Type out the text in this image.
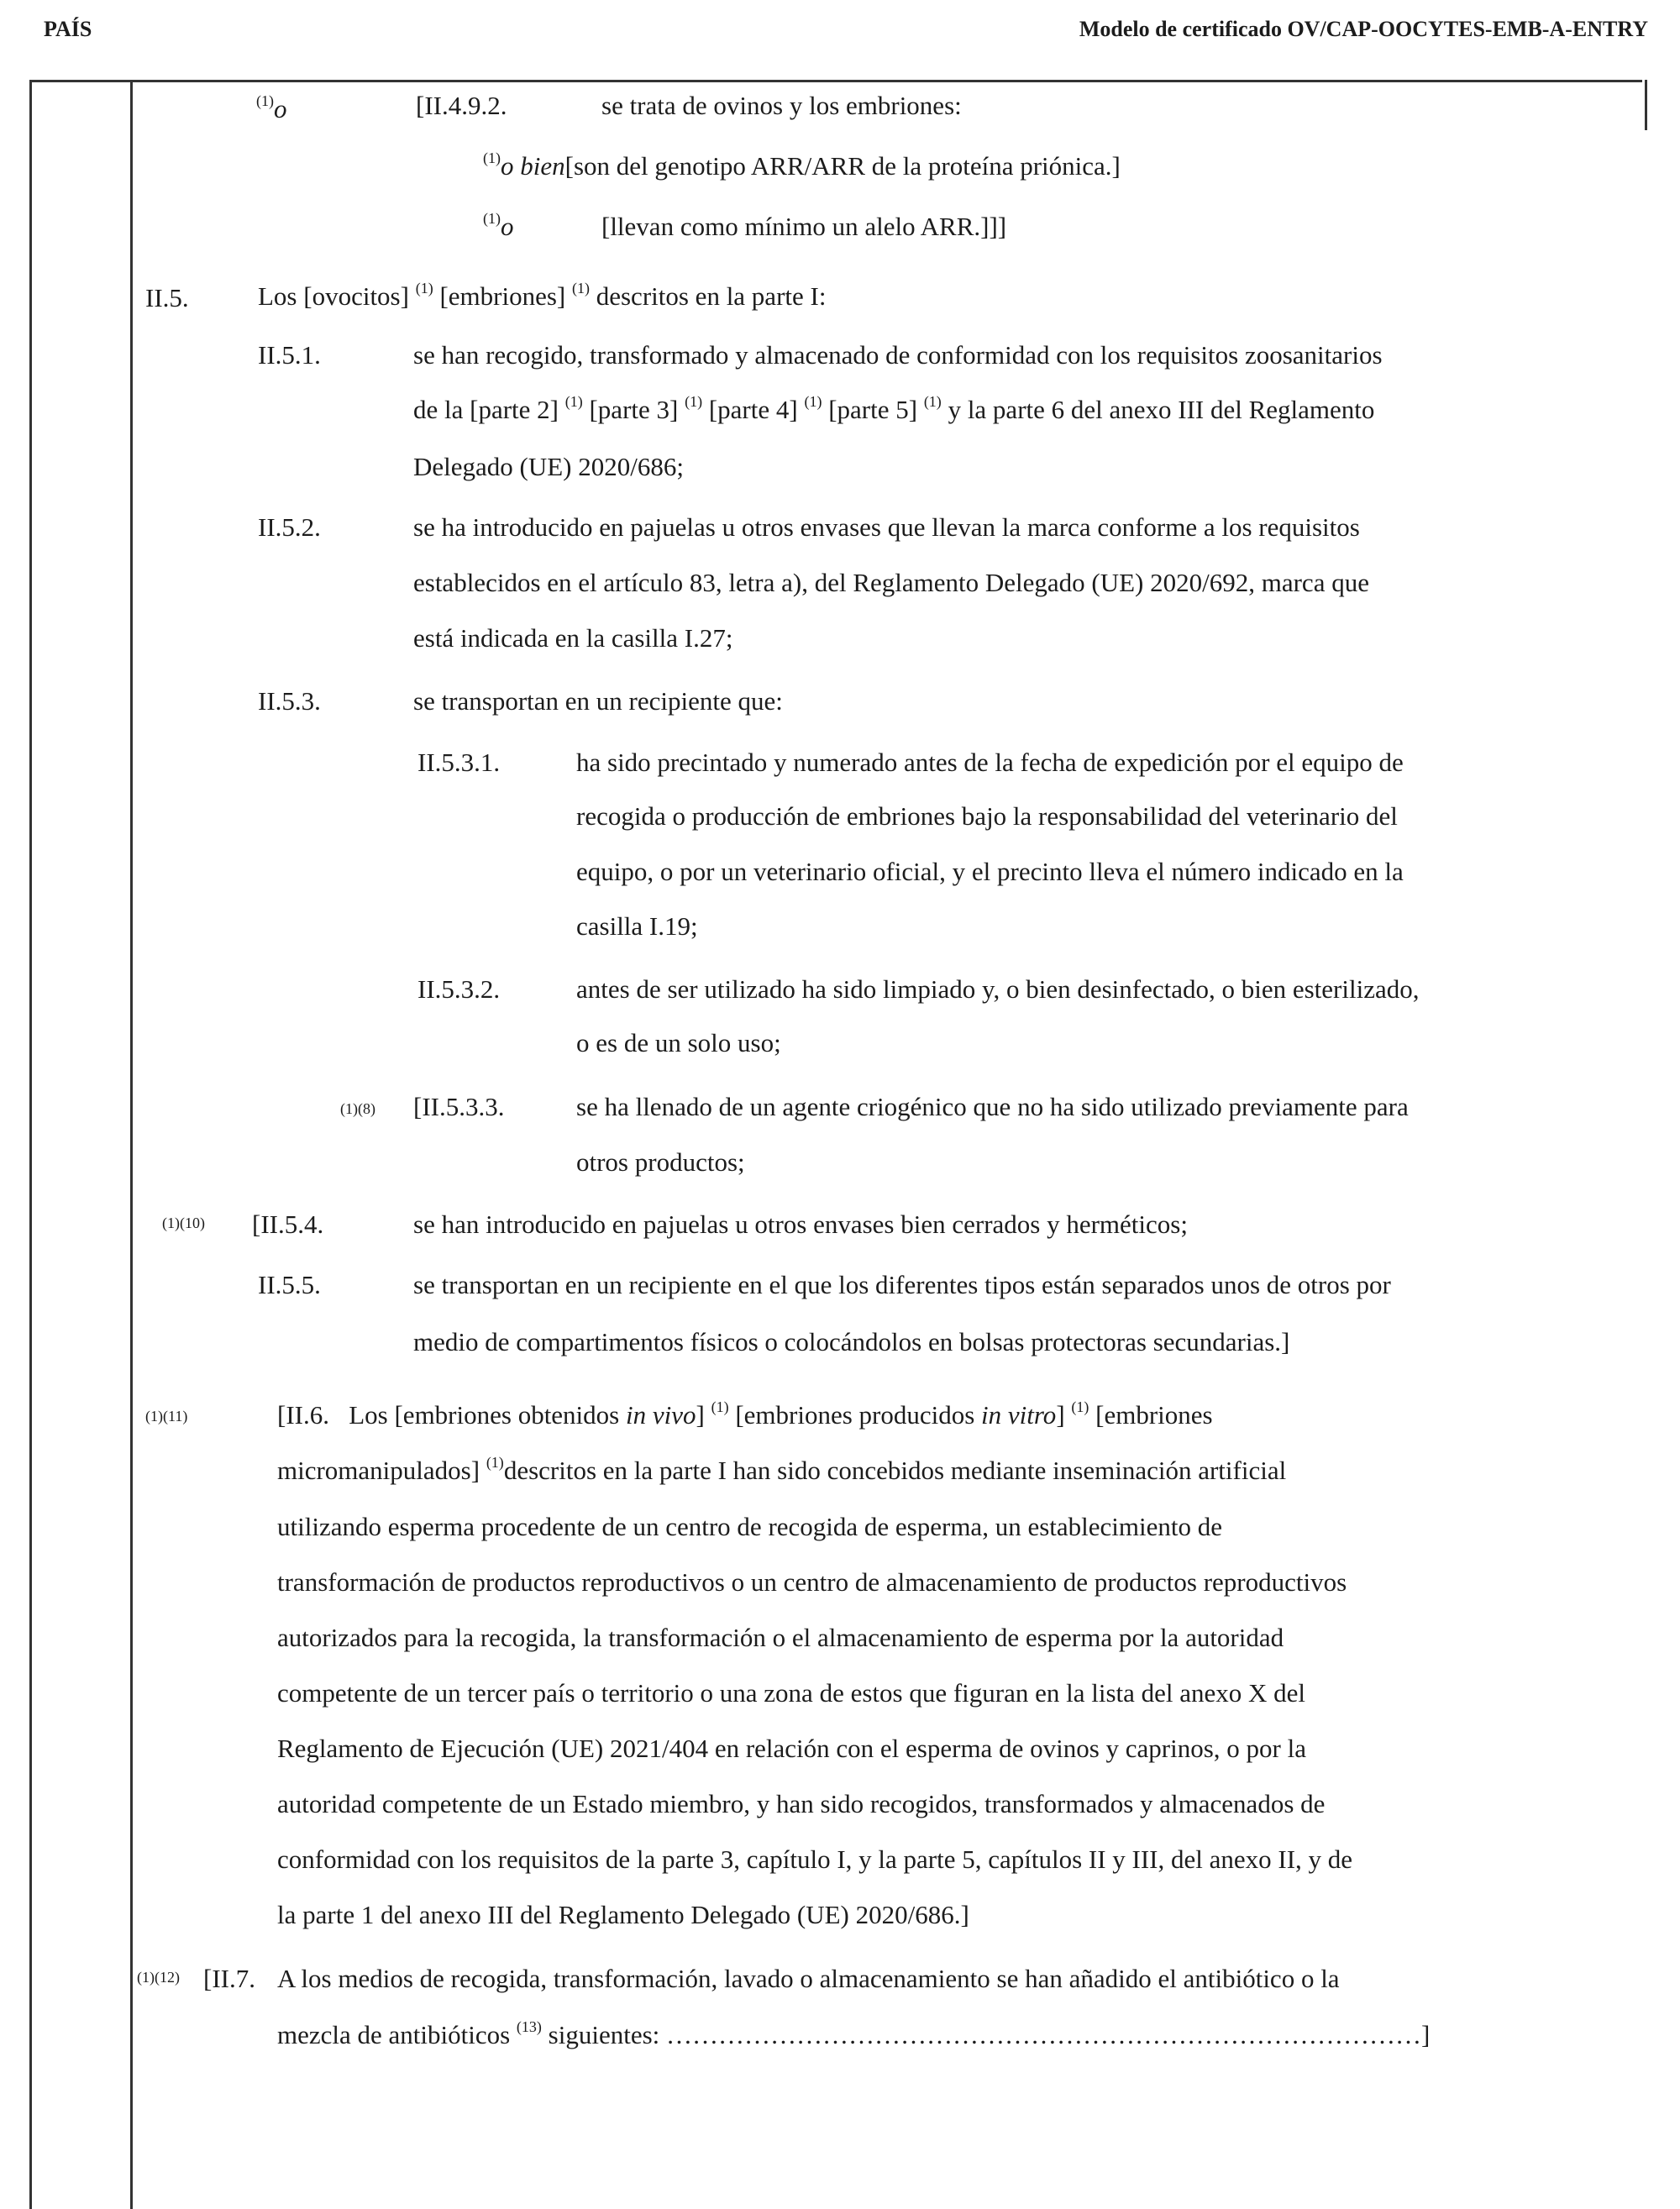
PAÍS	Modelo de certificado OV/CAP-OOCYTES-EMB-A-ENTRY
$^{(1)}$o	[II.4.9.2.	se trata de ovinos y los embriones:
$^{(1)}$o bien[son del genotipo ARR/ARR de la proteína priónica.]
$^{(1)}$o	[llevan como mínimo un alelo ARR.]]]
II.5.	Los [ovocitos] $^{(1)}$ [embriones] $^{(1)}$ descritos en la parte I:
II.5.1.	se han recogido, transformado y almacenado de conformidad con los requisitos zoosanitarios
de la [parte 2] $^{(1)}$ [parte 3] $^{(1)}$ [parte 4] $^{(1)}$ [parte 5] $^{(1)}$ y la parte 6 del anexo III del Reglamento
Delegado (UE) 2020/686;
II.5.2.	se ha introducido en pajuelas u otros envases que llevan la marca conforme a los requisitos
establecidos en el artículo 83, letra a), del Reglamento Delegado (UE) 2020/692, marca que
está indicada en la casilla I.27;
II.5.3.	se transportan en un recipiente que:
II.5.3.1.	ha sido precintado y numerado antes de la fecha de expedición por el equipo de
recogida o producción de embriones bajo la responsabilidad del veterinario del
equipo, o por un veterinario oficial, y el precinto lleva el número indicado en la
casilla I.19;
II.5.3.2.	antes de ser utilizado ha sido limpiado y, o bien desinfectado, o bien esterilizado,
o es de un solo uso;
(1)(8) [II.5.3.3.	se ha llenado de un agente criogénico que no ha sido utilizado previamente para
otros productos;
(1)(10) [II.5.4.	se han introducido en pajuelas u otros envases bien cerrados y herméticos;
II.5.5.	se transportan en un recipiente en el que los diferentes tipos están separados unos de otros por
medio de compartimentos físicos o colocándolos en bolsas protectoras secundarias.]
(1)(11)	[II.6. Los [embriones obtenidos in vivo] $^{(1)}$ [embriones producidos in vitro] $^{(1)}$ [embriones
micromanipulados] $^{(1)}$descritos en la parte I han sido concebidos mediante inseminación artificial
utilizando esperma procedente de un centro de recogida de esperma, un establecimiento de
transformación de productos reproductivos o un centro de almacenamiento de productos reproductivos
autorizados para la recogida, la transformación o el almacenamiento de esperma por la autoridad
competente de un tercer país o territorio o una zona de estos que figuran en la lista del anexo X del
Reglamento de Ejecución (UE) 2021/404 en relación con el esperma de ovinos y caprinos, o por la
autoridad competente de un Estado miembro, y han sido recogidos, transformados y almacenados de
conformidad con los requisitos de la parte 3, capítulo I, y la parte 5, capítulos II y III, del anexo II, y de
la parte 1 del anexo III del Reglamento Delegado (UE) 2020/686.]
(1)(12) [II.7. A los medios de recogida, transformación, lavado o almacenamiento se han añadido el antibiótico o la
mezcla de antibióticos $^{(13)}$ siguientes: ……………………………………………………………………………]
